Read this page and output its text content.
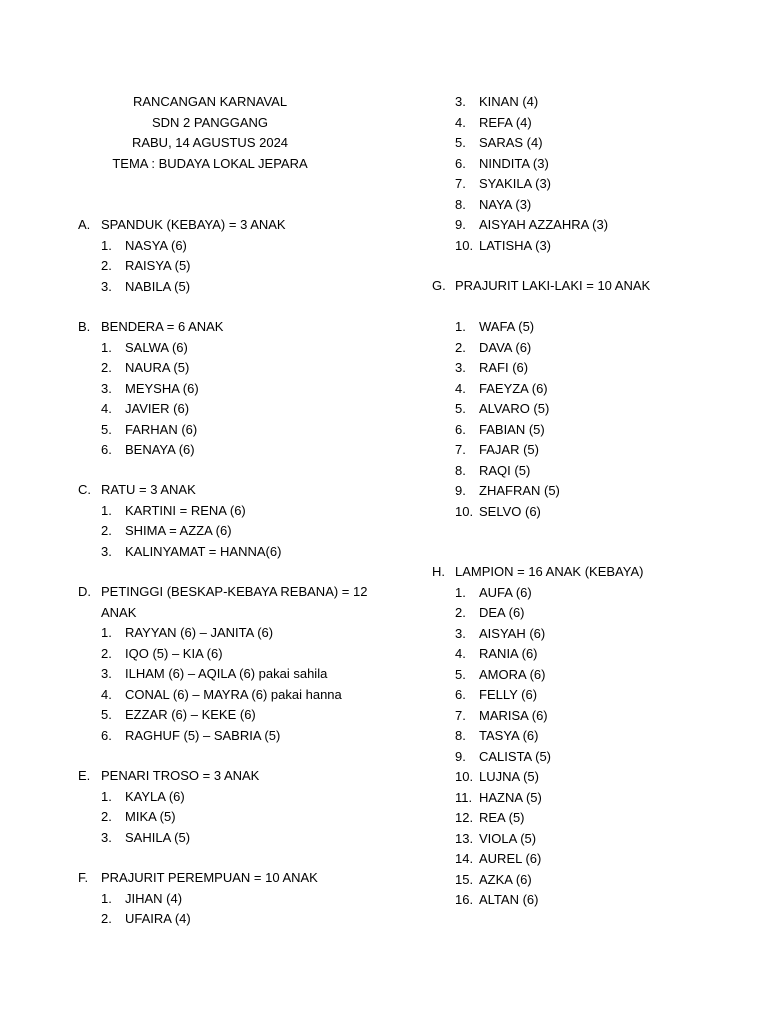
RANCANGAN KARNAVAL
SDN 2 PANGGANG
RABU, 14 AGUSTUS 2024
TEMA : BUDAYA LOKAL JEPARA
A. SPANDUK (KEBAYA) = 3 ANAK
1.	NASYA (6)
2.	RAISYA (5)
3.	NABILA (5)
B. BENDERA = 6 ANAK
1.	SALWA (6)
2.	NAURA (5)
3.	MEYSHA (6)
4.	JAVIER (6)
5.	FARHAN (6)
6.	BENAYA (6)
C. RATU = 3 ANAK
1.	KARTINI = RENA (6)
2.	SHIMA = AZZA (6)
3.	KALINYAMAT = HANNA(6)
D. PETINGGI (BESKAP-KEBAYA REBANA) = 12 ANAK
1.	RAYYAN (6) – JANITA (6)
2.	IQO (5) – KIA (6)
3.	ILHAM (6) – AQILA (6) pakai sahila
4.	CONAL (6) – MAYRA (6) pakai hanna
5.	EZZAR (6) – KEKE (6)
6.	RAGHUF (5) – SABRIA (5)
E. PENARI TROSO = 3 ANAK
1.	KAYLA (6)
2.	MIKA (5)
3.	SAHILA (5)
F. PRAJURIT PEREMPUAN = 10 ANAK
1.	JIHAN (4)
2.	UFAIRA (4)
3.	KINAN (4)
4.	REFA (4)
5.	SARAS (4)
6.	NINDITA (3)
7.	SYAKILA (3)
8.	NAYA (3)
9.	AISYAH AZZAHRA (3)
10. LATISHA (3)
G. PRAJURIT LAKI-LAKI = 10 ANAK
1.	WAFA (5)
2.	DAVA (6)
3.	RAFI (6)
4.	FAEYZA (6)
5.	ALVARO (5)
6.	FABIAN (5)
7.	FAJAR (5)
8.	RAQI (5)
9.	ZHAFRAN (5)
10. SELVO (6)
H. LAMPION = 16 ANAK (KEBAYA)
1.	AUFA (6)
2.	DEA (6)
3.	AISYAH (6)
4.	RANIA (6)
5.	AMORA (6)
6.	FELLY (6)
7.	MARISA (6)
8.	TASYA (6)
9.	CALISTA (5)
10. LUJNA (5)
11. HAZNA (5)
12. REA (5)
13. VIOLA (5)
14. AUREL (6)
15. AZKA (6)
16. ALTAN (6)
